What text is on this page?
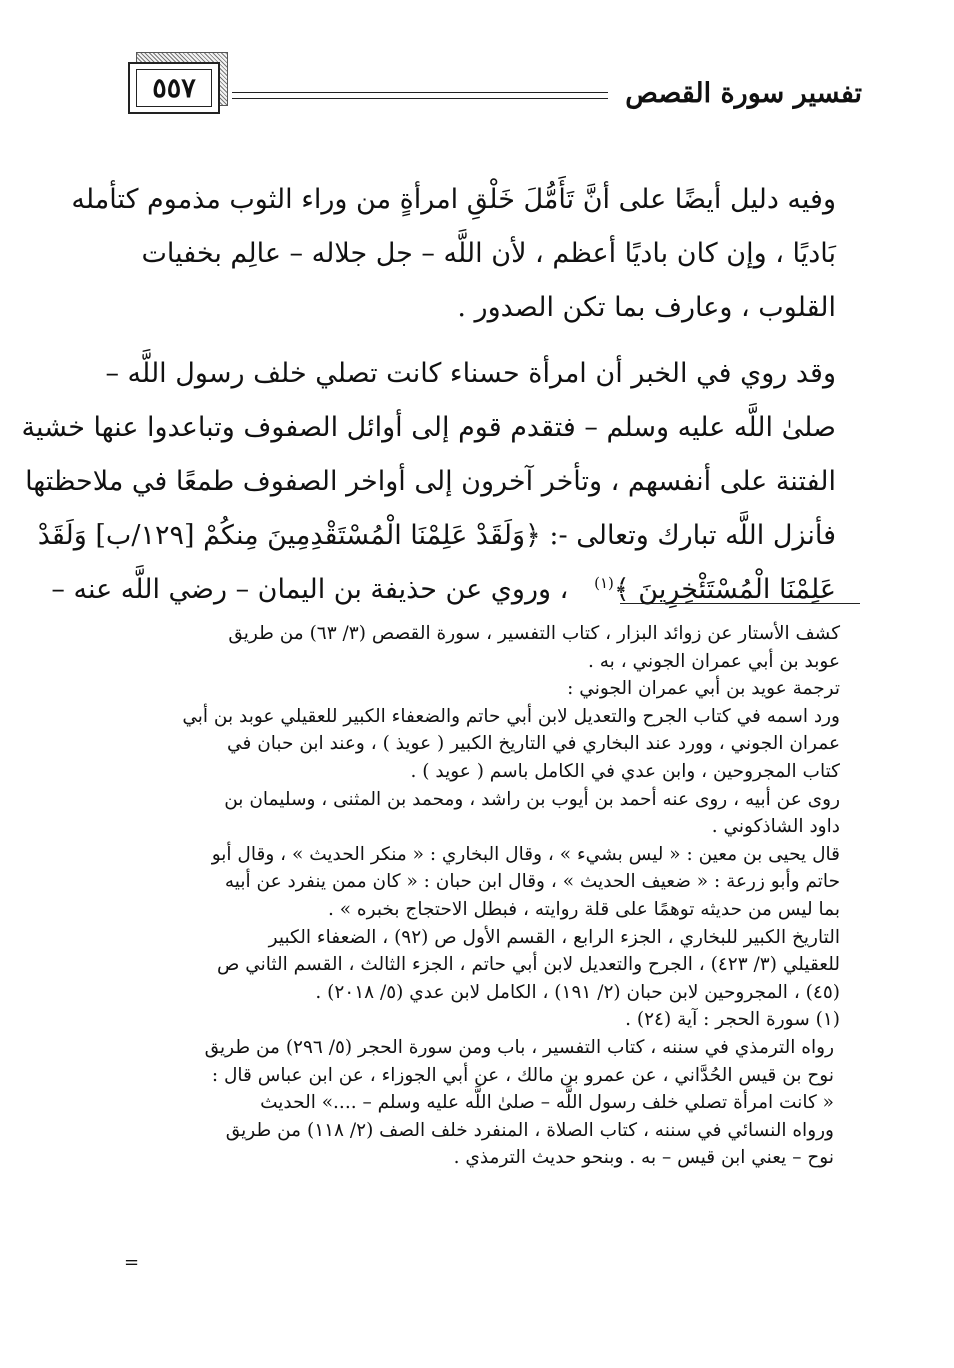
تفسير سورة القصص
٥٥٧
وفيه دليل أيضًا على أنَّ تَأَمُّلَ خَلْقِ امرأةٍ من وراء الثوب مذموم كتأمله
بَاديًا ، وإن كان باديًا أعظم ، لأن اللَّه – جل جلاله – عالِم بخفيات
القلوب ، وعارف بما تكن الصدور .
وقد روي في الخبر أن امرأة حسناء كانت تصلي خلف رسول اللَّه –
صلىٰ اللَّه عليه وسلم – فتقدم قوم إلى أوائل الصفوف وتباعدوا عنها خشية
الفتنة على أنفسهم ، وتأخر آخرون إلى أواخر الصفوف طمعًا في ملاحظتها
فأنزل اللَّه تبارك وتعالى -: ﴿وَلَقَدْ عَلِمْنَا الْمُسْتَقْدِمِينَ مِنكُمْ [١٢٩/ب] وَلَقَدْ
عَلِمْنَا الْمُسْتَئْخِرِينَ ﴾$^{(١)}$   ، وروي عن حذيفة بن اليمان – رضي اللَّه عنه –
كشف الأستار عن زوائد البزار ، كتاب التفسير ، سورة القصص (٣/ ٦٣) من طريق
عوبد بن أبي عمران الجوني ، به .
ترجمة عويد بن أبي عمران الجوني :
ورد اسمه في كتاب الجرح والتعديل لابن أبي حاتم والضعفاء الكبير للعقيلي عوبد بن أبي
عمران الجوني ، وورد عند البخاري في التاريخ الكبير ( عويذ ) ، وعند ابن حبان في
كتاب المجروحين ، وابن عدي في الكامل باسم ( عويد ) .
روى عن أبيه ، روى عنه أحمد بن أيوب بن راشد ، ومحمد بن المثنى ، وسليمان بن
داود الشاذكوني .
قال يحيى بن معين : « ليس بشيء » ، وقال البخاري : « منكر الحديث » ، وقال أبو
حاتم وأبو زرعة : « ضعيف الحديث » ، وقال ابن حبان : « كان ممن ينفرد عن أبيه
بما ليس من حديثه توهمًا على قلة روايته ، فبطل الاحتجاج بخبره » .
التاريخ الكبير للبخاري ، الجزء الرابع ، القسم الأول ص (٩٢) ، الضعفاء الكبير
للعقيلي (٣/ ٤٢٣) ، الجرح والتعديل لابن أبي حاتم ، الجزء الثالث ، القسم الثاني ص
(٤٥) ، المجروحين لابن حبان (٢/ ١٩١) ، الكامل لابن عدي (٥/ ٢٠١٨) .
(١) سورة الحجر : آية (٢٤) .
رواه الترمذي في سننه ، كتاب التفسير ، باب ومن سورة الحجر (٥/ ٢٩٦) من طريق
نوح بن قيس الحُدَّاني ، عن عمرو بن مالك ، عن أبي الجوزاء ، عن ابن عباس قال :
« كانت امرأة تصلي خلف رسول اللَّه – صلىٰ اللَّه عليه وسلم – ....» الحديث
ورواه النسائي في سننه ، كتاب الصلاة ، المنفرد خلف الصف (٢/ ١١٨) من طريق
نوح – يعني ابن قيس – به . وبنحو حديث الترمذي .
=
